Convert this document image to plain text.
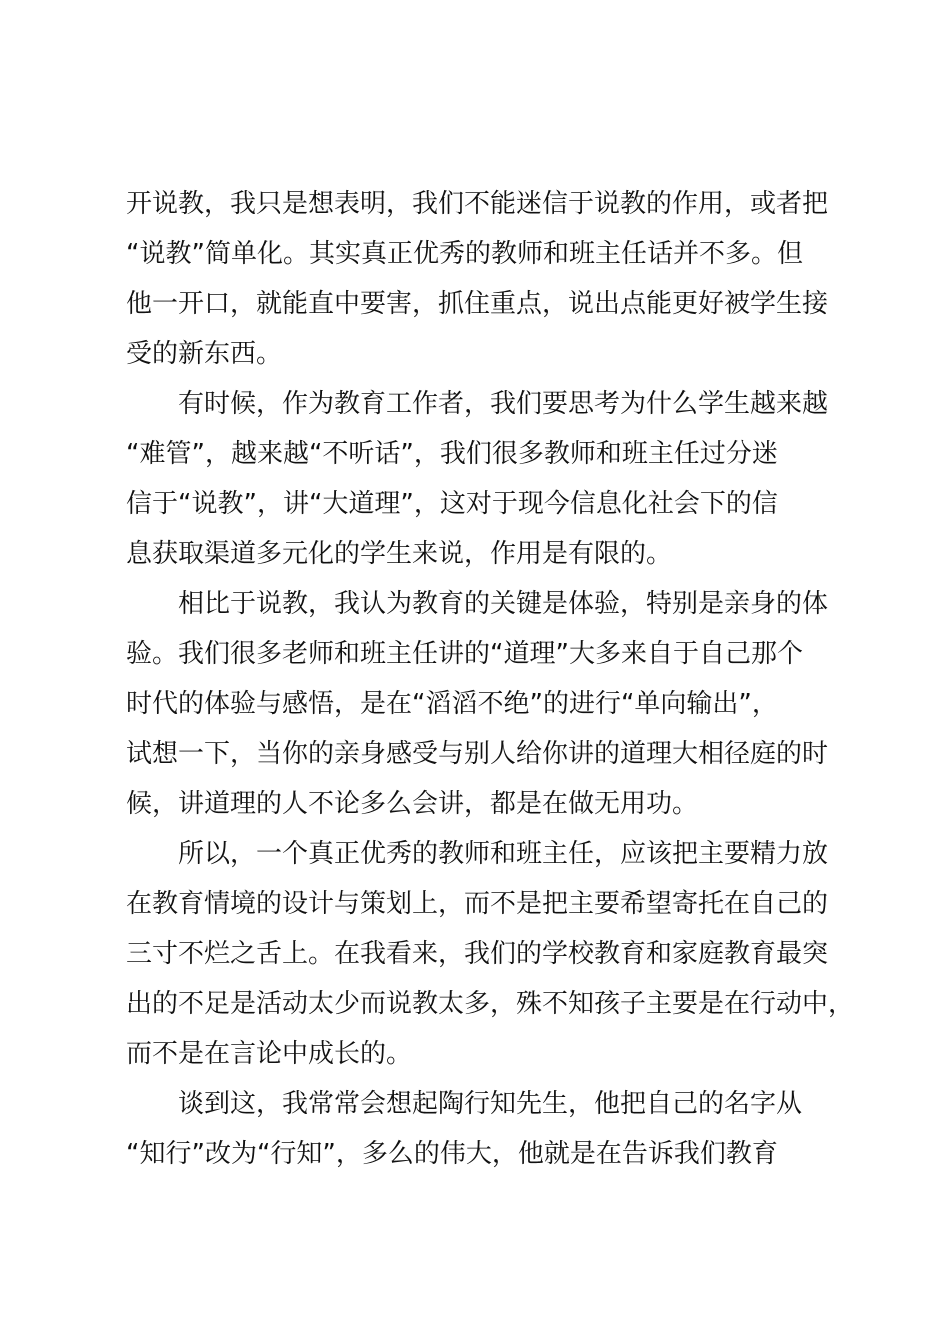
开说教，我只是想表明，我们不能迷信于说教的作用，或者把
“说教”简单化。其实真正优秀的教师和班主任话并不多。但
他一开口，就能直中要害，抓住重点，说出点能更好被学生接
受的新东西。
有时候，作为教育工作者，我们要思考为什么学生越来越
“难管”，越来越“不听话”，我们很多教师和班主任过分迷
信于“说教”，讲“大道理”，这对于现今信息化社会下的信
息获取渠道多元化的学生来说，作用是有限的。
相比于说教，我认为教育的关键是体验，特别是亲身的体
验。我们很多老师和班主任讲的“道理”大多来自于自己那个
时代的体验与感悟，是在“滔滔不绝”的进行“单向输出”，
试想一下，当你的亲身感受与别人给你讲的道理大相径庭的时
候，讲道理的人不论多么会讲，都是在做无用功。
所以，一个真正优秀的教师和班主任，应该把主要精力放
在教育情境的设计与策划上，而不是把主要希望寄托在自己的
三寸不烂之舌上。在我看来，我们的学校教育和家庭教育最突
出的不足是活动太少而说教太多，殊不知孩子主要是在行动中，
而不是在言论中成长的。
谈到这，我常常会想起陶行知先生，他把自己的名字从
“知行”改为“行知”，多么的伟大，他就是在告诉我们教育
